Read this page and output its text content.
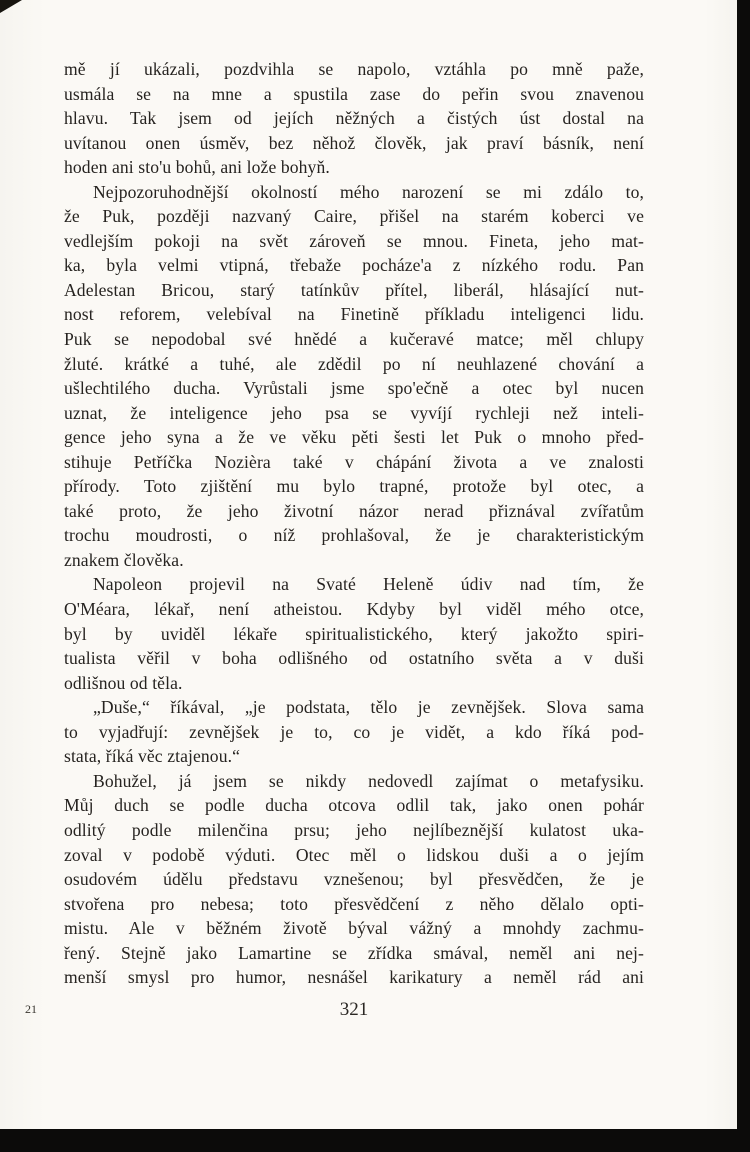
mě jí ukázali, pozdvihla se napolo, vztáhla po mně paže,
usmála se na mne a spustila zase do peřin svou znavenou
hlavu. Tak jsem od jejích něžných a čistých úst dostal na
uvítanou onen úsměv, bez něhož člověk, jak praví básník, není
hoden ani sto'u bohů, ani lože bohyň.
Nejpozoruhodnější okolností mého narození se mi zdálo to,
že Puk, později nazvaný Caire, přišel na starém koberci ve
vedlejším pokoji na svět zároveň se mnou. Fineta, jeho mat-
ka, byla velmi vtipná, třebaže pocháze'a z nízkého rodu. Pan
Adelestan Bricou, starý tatínkův přítel, liberál, hlásající nut-
nost reforem, velebíval na Finetině příkladu inteligenci lidu.
Puk se nepodobal své hnědé a kučeravé matce; měl chlupy
žluté. krátké a tuhé, ale zdědil po ní neuhlazené chování a
ušlechtilého ducha. Vyrůstali jsme spo'ečně a otec byl nucen
uznat, že inteligence jeho psa se vyvíjí rychleji než inteli-
gence jeho syna a že ve věku pěti šesti let Puk o mnoho před-
stihuje Petříčka Nozièra také v chápání života a ve znalosti
přírody. Toto zjištění mu bylo trapné, protože byl otec, a
také proto, že jeho životní názor nerad přiznával zvířatům
trochu moudrosti, o níž prohlašoval, že je charakteristickým
znakem člověka.
Napoleon projevil na Svaté Heleně údiv nad tím, že
O'Méara, lékař, není atheistou. Kdyby byl viděl mého otce,
byl by uviděl lékaře spiritualistického, který jakožto spiri-
tualista věřil v boha odlišného od ostatního světa a v duši
odlišnou od těla.
„Duše,“ říkával, „je podstata, tělo je zevnějšek. Slova sama
to vyjadřují: zevnějšek je to, co je vidět, a kdo říká pod-
stata, říká věc ztajenou.“
Bohužel, já jsem se nikdy nedovedl zajímat o metafysiku.
Můj duch se podle ducha otcova odlil tak, jako onen pohár
odlitý podle milenčina prsu; jeho nejlíbeznější kulatost uka-
zoval v podobě výduti. Otec měl o lidskou duši a o jejím
osudovém údělu představu vznešenou; byl přesvědčen, že je
stvořena pro nebesa; toto přesvědčení z něho dělalo opti-
mistu. Ale v běžném životě býval vážný a mnohdy zachmu-
řený. Stejně jako Lamartine se zřídka smával, neměl ani nej-
menší smysl pro humor, nesnášel karikatury a neměl rád ani
21	321
